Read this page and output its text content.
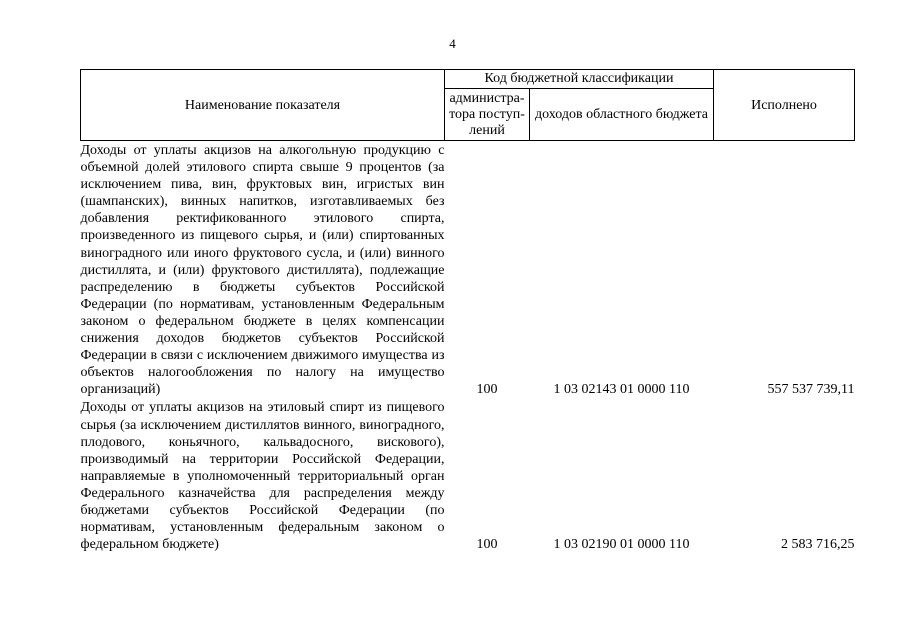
4
Наименование показателя	Код бюджетной классификации		Исполнено
	администра-тора поступ-лений	доходов областного бюджета	
Доходы от уплаты акцизов на алкогольную продукцию с объемной долей этилового спирта свыше 9 процентов (за исключением пива, вин, фруктовых вин, игристых вин (шампанских), винных напитков, изготавливаемых без добавления ректификованного этилового спирта, произведенного из пищевого сырья, и (или) спиртованных виноградного или иного фруктового сусла, и (или) винного дистиллята, и (или) фруктового дистиллята), подлежащие распределению в бюджеты субъектов Российской Федерации (по нормативам, установленным Федеральным законом о федеральном бюджете в целях компенсации снижения доходов бюджетов субъектов Российской Федерации в связи с исключением движимого имущества из объектов налогообложения по налогу на имущество организаций)	100	1 03 02143 01 0000 110	557 537 739,11
Доходы от уплаты акцизов на этиловый спирт из пищевого сырья (за исключением дистиллятов винного, виноградного, плодового, коньячного, кальвадосного, вискового), производимый на территории Российской Федерации, направляемые в уполномоченный территориальный орган Федерального казначейства для распределения между бюджетами субъектов Российской Федерации (по нормативам, установленным федеральным законом о федеральном бюджете)	100	1 03 02190 01 0000 110	2 583 716,25
